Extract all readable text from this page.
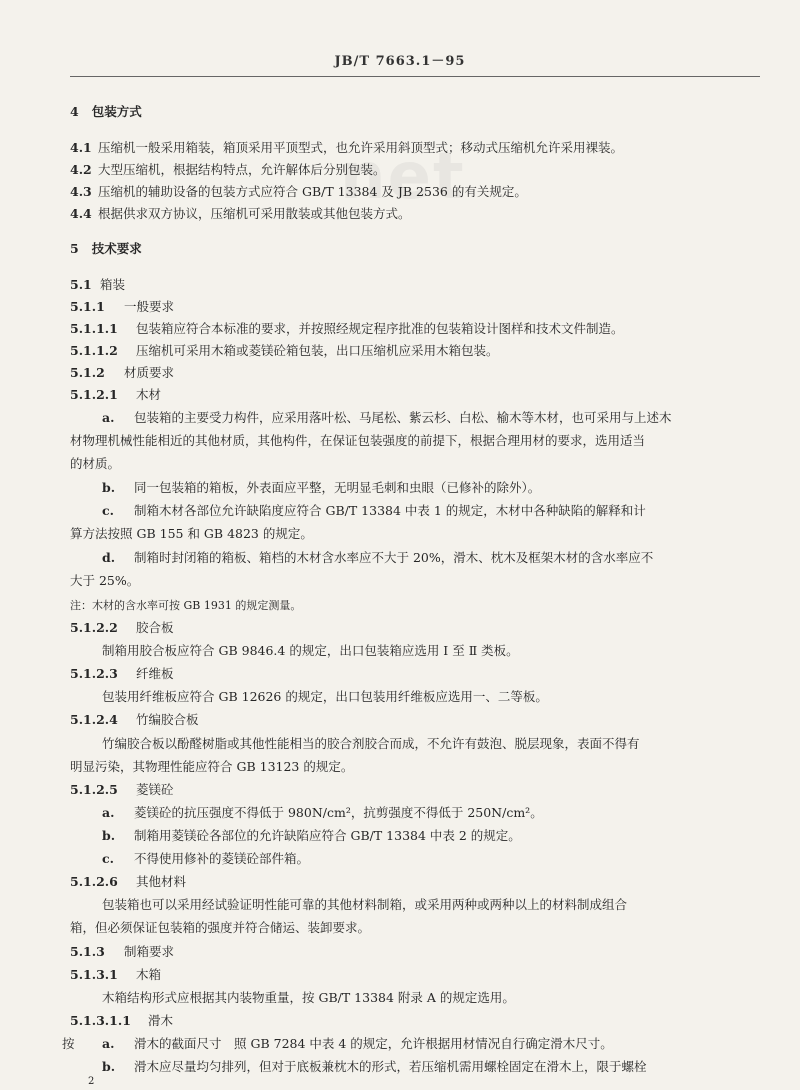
net
JB/T 7663.1－95
4 包装方式
4.1 压缩机一般采用箱装，箱顶采用平顶型式，也允许采用斜顶型式；移动式压缩机允许采用裸装。
4.2 大型压缩机，根据结构特点，允许解体后分别包装。
4.3 压缩机的辅助设备的包装方式应符合 GB/T 13384 及 JB 2536 的有关规定。
4.4 根据供求双方协议，压缩机可采用散装或其他包装方式。
5 技术要求
5.1 箱装
5.1.1 一般要求
5.1.1.1 包装箱应符合本标准的要求，并按照经规定程序批准的包装箱设计图样和技术文件制造。
5.1.1.2 压缩机可采用木箱或菱镁砼箱包装，出口压缩机应采用木箱包装。
5.1.2 材质要求
5.1.2.1 木材
a. 包装箱的主要受力构件，应采用落叶松、马尾松、紫云杉、白松、榆木等木材，也可采用与上述木
材物理机械性能相近的其他材质，其他构件，在保证包装强度的前提下，根据合理用材的要求，选用适当
的材质。
b. 同一包装箱的箱板，外表面应平整，无明显毛刺和虫眼（已修补的除外）。
c. 制箱木材各部位允许缺陷度应符合 GB/T 13384 中表 1 的规定，木材中各种缺陷的解释和计
算方法按照 GB 155 和 GB 4823 的规定。
d. 制箱时封闭箱的箱板、箱档的木材含水率应不大于 20%，滑木、枕木及框架木材的含水率应不
大于 25%。
注：木材的含水率可按 GB 1931 的规定测量。
5.1.2.2 胶合板
制箱用胶合板应符合 GB 9846.4 的规定，出口包装箱应选用 Ⅰ 至 Ⅱ 类板。
5.1.2.3 纤维板
包装用纤维板应符合 GB 12626 的规定，出口包装用纤维板应选用一、二等板。
5.1.2.4 竹编胶合板
竹编胶合板以酚醛树脂或其他性能相当的胶合剂胶合而成，不允许有鼓泡、脱层现象，表面不得有
明显污染，其物理性能应符合 GB 13123 的规定。
5.1.2.5 菱镁砼
a. 菱镁砼的抗压强度不得低于 980N/cm²，抗剪强度不得低于 250N/cm²。
b. 制箱用菱镁砼各部位的允许缺陷应符合 GB/T 13384 中表 2 的规定。
c. 不得使用修补的菱镁砼部件箱。
5.1.2.6 其他材料
包装箱也可以采用经试验证明性能可靠的其他材料制箱，或采用两种或两种以上的材料制成组合
箱，但必须保证包装箱的强度并符合储运、装卸要求。
5.1.3 制箱要求
5.1.3.1 木箱
木箱结构形式应根据其内装物重量，按 GB/T 13384 附录 A 的规定选用。
5.1.3.1.1 滑木
按 a. 滑木的截面尺寸　照 GB 7284 中表 4 的规定，允许根据用材情况自行确定滑木尺寸。
b. 滑木应尽量均匀排列，但对于底板兼枕木的形式，若压缩机需用螺栓固定在滑木上，限于螺栓
2
